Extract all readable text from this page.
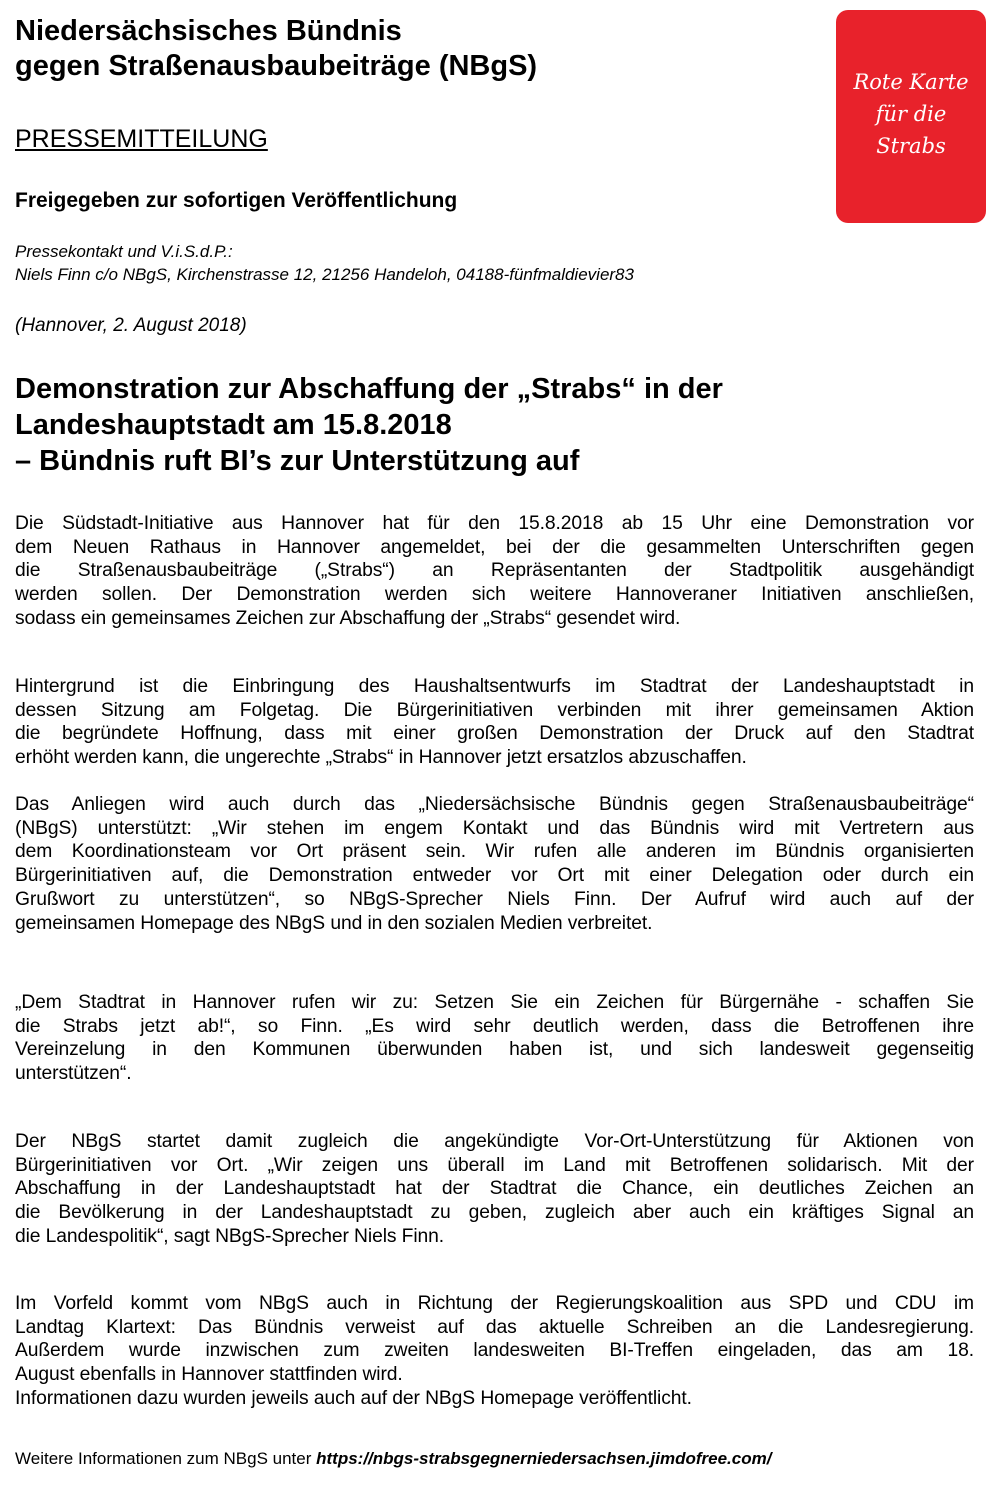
Niedersächsisches Bündnis
gegen Straßenausbaubeiträge (NBgS)	Rote Karte
für die
Strabs
PRESSEMITTEILUNG
Freigegeben zur sofortigen Veröffentlichung
Pressekontakt und V.i.S.d.P.:
Niels Finn c/o NBgS, Kirchenstrasse 12, 21256 Handeloh, 04188-fünfmaldievier83
(Hannover, 2. August 2018)
Demonstration zur Abschaffung der „Strabs“ in der
Landeshauptstadt am 15.8.2018
– Bündnis ruft BI’s zur Unterstützung auf
Die Südstadt-Initiative aus Hannover hat für den 15.8.2018 ab 15 Uhr eine Demonstration vor
dem Neuen Rathaus in Hannover angemeldet, bei der die gesammelten Unterschriften gegen
die Straßenausbaubeiträge („Strabs“) an Repräsentanten der Stadtpolitik ausgehändigt
werden sollen. Der Demonstration werden sich weitere Hannoveraner Initiativen anschließen,
sodass ein gemeinsames Zeichen zur Abschaffung der „Strabs“ gesendet wird.
Hintergrund ist die Einbringung des Haushaltsentwurfs im Stadtrat der Landeshauptstadt in
dessen Sitzung am Folgetag. Die Bürgerinitiativen verbinden mit ihrer gemeinsamen Aktion
die begründete Hoffnung, dass mit einer großen Demonstration der Druck auf den Stadtrat
erhöht werden kann, die ungerechte „Strabs“ in Hannover jetzt ersatzlos abzuschaffen.
Das Anliegen wird auch durch das „Niedersächsische Bündnis gegen Straßenausbaubeiträge“
(NBgS) unterstützt: „Wir stehen im engem Kontakt und das Bündnis wird mit Vertretern aus
dem Koordinationsteam vor Ort präsent sein. Wir rufen alle anderen im Bündnis organisierten
Bürgerinitiativen auf, die Demonstration entweder vor Ort mit einer Delegation oder durch ein
Grußwort zu unterstützen“, so NBgS-Sprecher Niels Finn. Der Aufruf wird auch auf der
gemeinsamen Homepage des NBgS und in den sozialen Medien verbreitet.
„Dem Stadtrat in Hannover rufen wir zu: Setzen Sie ein Zeichen für Bürgernähe - schaffen Sie
die Strabs jetzt ab!“, so Finn. „Es wird sehr deutlich werden, dass die Betroffenen ihre
Vereinzelung in den Kommunen überwunden haben ist, und sich landesweit gegenseitig
unterstützen“.
Der NBgS startet damit zugleich die angekündigte Vor-Ort-Unterstützung für Aktionen von
Bürgerinitiativen vor Ort. „Wir zeigen uns überall im Land mit Betroffenen solidarisch. Mit der
Abschaffung in der Landeshauptstadt hat der Stadtrat die Chance, ein deutliches Zeichen an
die Bevölkerung in der Landeshauptstadt zu geben, zugleich aber auch ein kräftiges Signal an
die Landespolitik“, sagt NBgS-Sprecher Niels Finn.
Im Vorfeld kommt vom NBgS auch in Richtung der Regierungskoalition aus SPD und CDU im
Landtag Klartext: Das Bündnis verweist auf das aktuelle Schreiben an die Landesregierung.
Außerdem wurde inzwischen zum zweiten landesweiten BI-Treffen eingeladen, das am 18.
August ebenfalls in Hannover stattfinden wird.
Informationen dazu wurden jeweils auch auf der NBgS Homepage veröffentlicht.
Weitere Informationen zum NBgS unter https://nbgs-strabsgegnerniedersachsen.jimdofree.com/
